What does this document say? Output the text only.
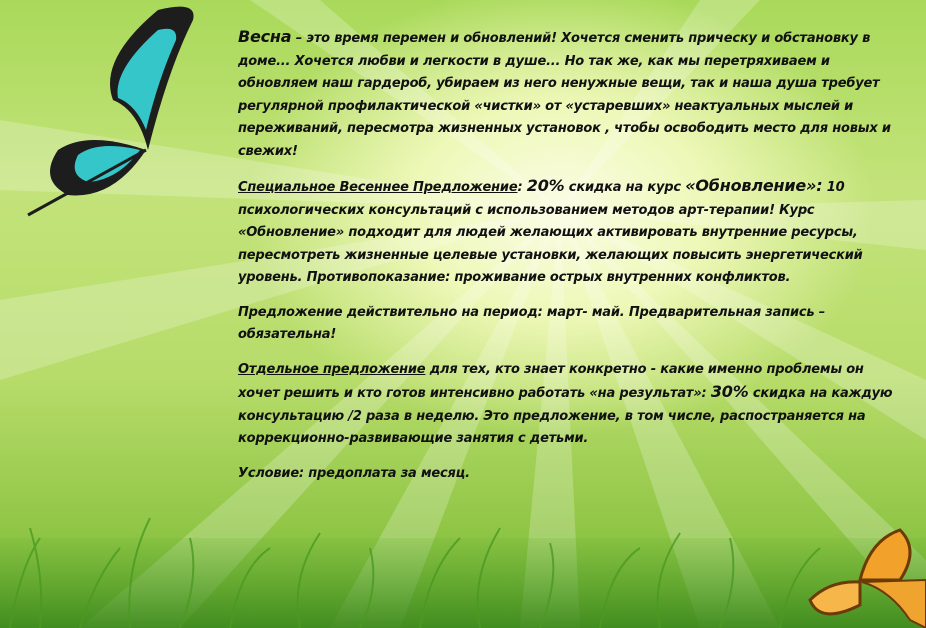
Весна – это время перемен и обновлений! Хочется сменить прическу и обстановку в доме... Хочется любви и легкости в душе... Но так же, как мы перетряхиваем и обновляем наш гардероб, убираем из него ненужные вещи, так и наша душа требует регулярной профилактической «чистки» от «устаревших» неактуальных мыслей и переживаний, пересмотра жизненных установок , чтобы освободить место для новых и свежих!

Специальное Весеннее Предложение: 20% скидка на курс «Обновление»: 10 психологических консультаций с использованием методов арт-терапии! Курс «Обновление» подходит для людей желающих активировать внутренние ресурсы, пересмотреть жизненные целевые установки, желающих повысить энергетический уровень. Противопоказание: проживание острых внутренних конфликтов.

Предложение действительно на период: март- май. Предварительная запись – обязательна!

Отдельное предложение для тех, кто знает конкретно - какие именно проблемы он хочет решить и кто готов интенсивно работать «на результат»: 30% скидка на каждую консультацию /2 раза в неделю. Это предложение, в том числе, распостраняется на коррекционно-развивающие занятия с детьми.

Условие: предоплата за месяц.
